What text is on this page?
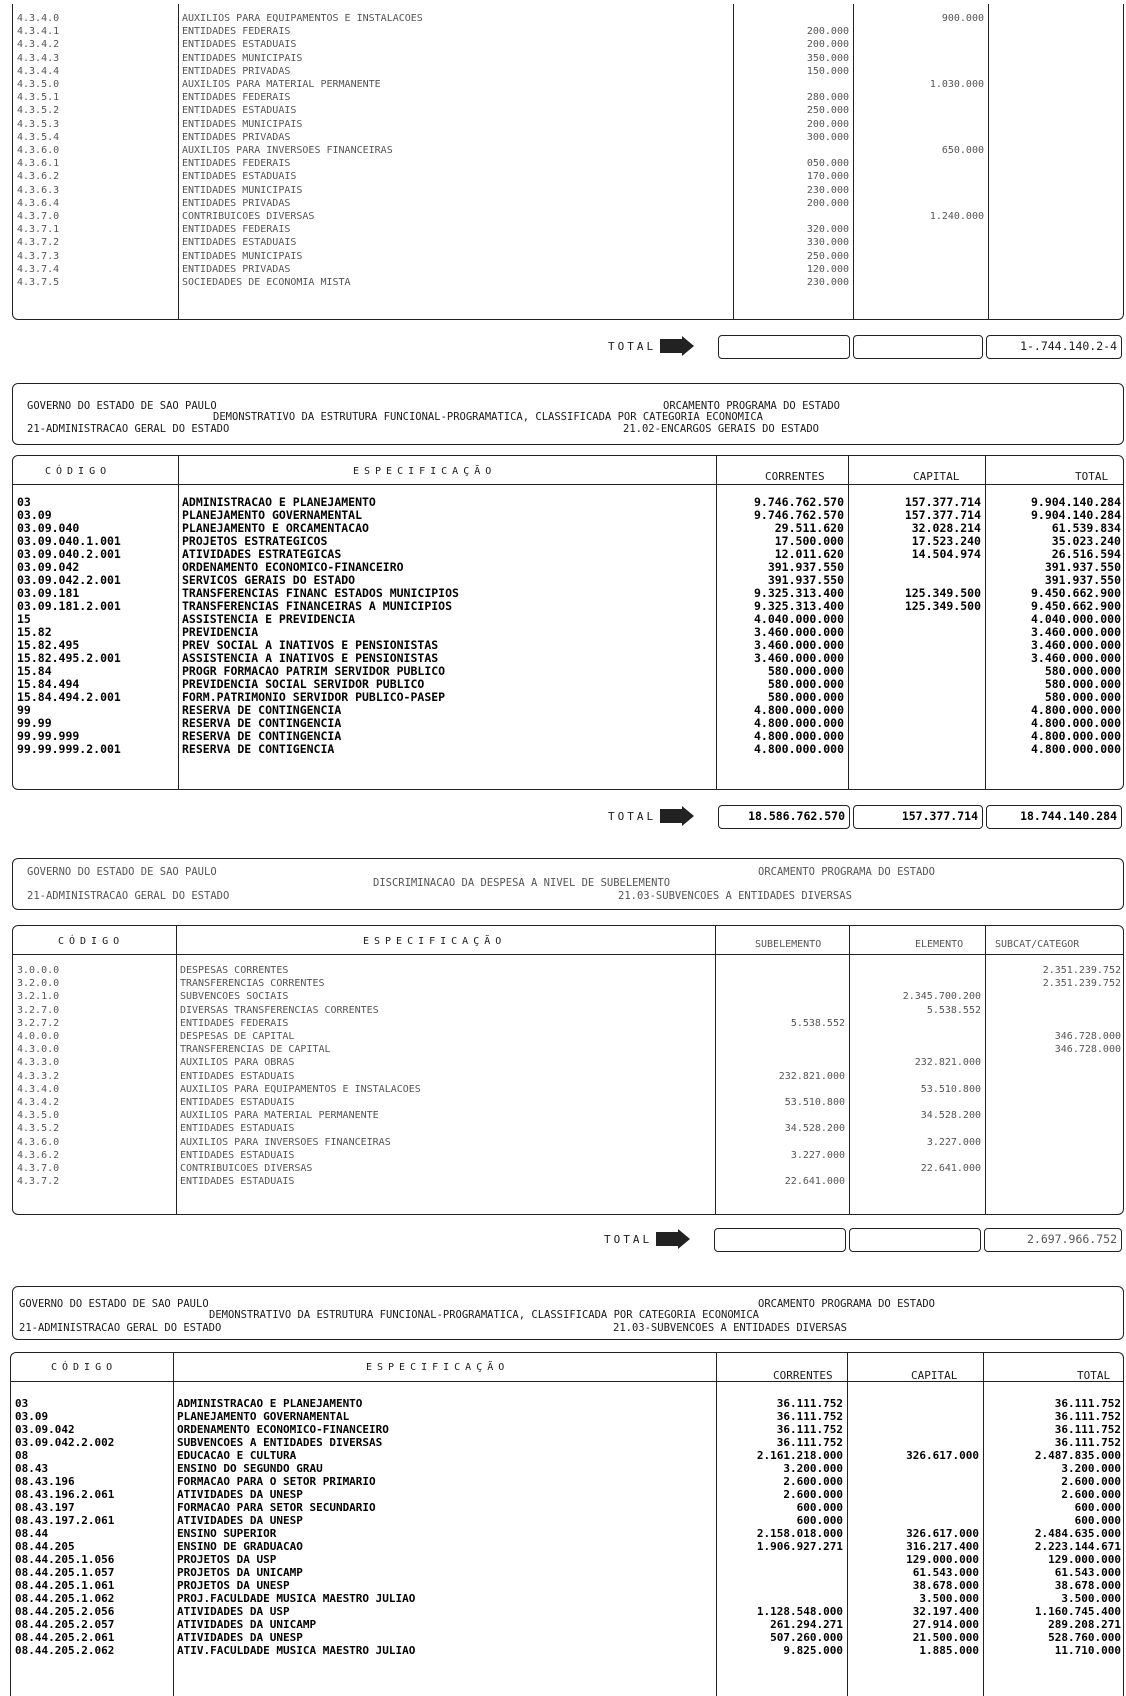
4.3.4.0	AUXILIOS PARA EQUIPAMENTOS E INSTALACOES		900.000	
4.3.4.1	ENTIDADES FEDERAIS	200.000		
4.3.4.2	ENTIDADES ESTADUAIS	200.000		
4.3.4.3	ENTIDADES MUNICIPAIS	350.000		
4.3.4.4	ENTIDADES PRIVADAS	150.000		
4.3.5.0	AUXILIOS PARA MATERIAL PERMANENTE		1.030.000	
4.3.5.1	ENTIDADES FEDERAIS	280.000		
4.3.5.2	ENTIDADES ESTADUAIS	250.000		
4.3.5.3	ENTIDADES MUNICIPAIS	200.000		
4.3.5.4	ENTIDADES PRIVADAS	300.000		
4.3.6.0	AUXILIOS PARA INVERSOES FINANCEIRAS		650.000	
4.3.6.1	ENTIDADES FEDERAIS	050.000		
4.3.6.2	ENTIDADES ESTADUAIS	170.000		
4.3.6.3	ENTIDADES MUNICIPAIS	230.000		
4.3.6.4	ENTIDADES PRIVADAS	200.000		
4.3.7.0	CONTRIBUICOES DIVERSAS		1.240.000	
4.3.7.1	ENTIDADES FEDERAIS	320.000		
4.3.7.2	ENTIDADES ESTADUAIS	330.000		
4.3.7.3	ENTIDADES MUNICIPAIS	250.000		
4.3.7.4	ENTIDADES PRIVADAS	120.000		
4.3.7.5	SOCIEDADES DE ECONOMIA MISTA	230.000		
TOTAL	1-.744.140.2-4
GOVERNO DO ESTADO DE SAO PAULO	ORCAMENTO PROGRAMA DO ESTADO
DEMONSTRATIVO DA ESTRUTURA FUNCIONAL-PROGRAMATICA, CLASSIFICADA POR CATEGORIA ECONOMICA
21-ADMINISTRACAO GERAL DO ESTADO	21.02-ENCARGOS GERAIS DO ESTADO
CÓDIGO	ESPECIFICAÇÃO	CORRENTES	CAPITAL	TOTAL
03	ADMINISTRACAO E PLANEJAMENTO	9.746.762.570	157.377.714	9.904.140.284
03.09	PLANEJAMENTO GOVERNAMENTAL	9.746.762.570	157.377.714	9.904.140.284
03.09.040	PLANEJAMENTO E ORCAMENTACAO	29.511.620	32.028.214	61.539.834
03.09.040.1.001	PROJETOS ESTRATEGICOS	17.500.000	17.523.240	35.023.240
03.09.040.2.001	ATIVIDADES ESTRATEGICAS	12.011.620	14.504.974	26.516.594
03.09.042	ORDENAMENTO ECONOMICO-FINANCEIRO	391.937.550		391.937.550
03.09.042.2.001	SERVICOS GERAIS DO ESTADO	391.937.550		391.937.550
03.09.181	TRANSFERENCIAS FINANC ESTADOS MUNICIPIOS	9.325.313.400	125.349.500	9.450.662.900
03.09.181.2.001	TRANSFERENCIAS FINANCEIRAS A MUNICIPIOS	9.325.313.400	125.349.500	9.450.662.900
15	ASSISTENCIA E PREVIDENCIA	4.040.000.000		4.040.000.000
15.82	PREVIDENCIA	3.460.000.000		3.460.000.000
15.82.495	PREV SOCIAL A INATIVOS E PENSIONISTAS	3.460.000.000		3.460.000.000
15.82.495.2.001	ASSISTENCIA A INATIVOS E PENSIONISTAS	3.460.000.000		3.460.000.000
15.84	PROGR FORMACAO PATRIM SERVIDOR PUBLICO	580.000.000		580.000.000
15.84.494	PREVIDENCIA SOCIAL SERVIDOR PUBLICO	580.000.000		580.000.000
15.84.494.2.001	FORM.PATRIMONIO SERVIDOR PUBLICO-PASEP	580.000.000		580.000.000
99	RESERVA DE CONTINGENCIA	4.800.000.000		4.800.000.000
99.99	RESERVA DE CONTINGENCIA	4.800.000.000		4.800.000.000
99.99.999	RESERVA DE CONTINGENCIA	4.800.000.000		4.800.000.000
99.99.999.2.001	RESERVA DE CONTIGENCIA	4.800.000.000		4.800.000.000
TOTAL	18.586.762.570	157.377.714	18.744.140.284
GOVERNO DO ESTADO DE SAO PAULO	ORCAMENTO PROGRAMA DO ESTADO
DISCRIMINACAO DA DESPESA A NIVEL DE SUBELEMENTO
21-ADMINISTRACAO GERAL DO ESTADO	21.03-SUBVENCOES A ENTIDADES DIVERSAS
CÓDIGO	ESPECIFICAÇÃO	SUBELEMENTO	ELEMENTO	SUBCAT/CATEGOR
3.0.0.0	DESPESAS CORRENTES			2.351.239.752
3.2.0.0	TRANSFERENCIAS CORRENTES			2.351.239.752
3.2.1.0	SUBVENCOES SOCIAIS		2.345.700.200	
3.2.7.0	DIVERSAS TRANSFERENCIAS CORRENTES		5.538.552	
3.2.7.2	ENTIDADES FEDERAIS	5.538.552		
4.0.0.0	DESPESAS DE CAPITAL			346.728.000
4.3.0.0	TRANSFERENCIAS DE CAPITAL			346.728.000
4.3.3.0	AUXILIOS PARA OBRAS		232.821.000	
4.3.3.2	ENTIDADES ESTADUAIS	232.821.000		
4.3.4.0	AUXILIOS PARA EQUIPAMENTOS E INSTALACOES		53.510.800	
4.3.4.2	ENTIDADES ESTADUAIS	53.510.800		
4.3.5.0	AUXILIOS PARA MATERIAL PERMANENTE		34.528.200	
4.3.5.2	ENTIDADES ESTADUAIS	34.528.200		
4.3.6.0	AUXILIOS PARA INVERSOES FINANCEIRAS		3.227.000	
4.3.6.2	ENTIDADES ESTADUAIS	3.227.000		
4.3.7.0	CONTRIBUICOES DIVERSAS		22.641.000	
4.3.7.2	ENTIDADES ESTADUAIS	22.641.000		
TOTAL	2.697.966.752
GOVERNO DO ESTADO DE SAO PAULO	ORCAMENTO PROGRAMA DO ESTADO
DEMONSTRATIVO DA ESTRUTURA FUNCIONAL-PROGRAMATICA, CLASSIFICADA POR CATEGORIA ECONOMICA
21-ADMINISTRACAO GERAL DO ESTADO	21.03-SUBVENCOES A ENTIDADES DIVERSAS
CÓDIGO	ESPECIFICAÇÃO
CORRENTES	CAPITAL	TOTAL
03	ADMINISTRACAO E PLANEJAMENTO	36.111.752		36.111.752
03.09	PLANEJAMENTO GOVERNAMENTAL	36.111.752		36.111.752
03.09.042	ORDENAMENTO ECONOMICO-FINANCEIRO	36.111.752		36.111.752
03.09.042.2.002	SUBVENCOES A ENTIDADES DIVERSAS	36.111.752		36.111.752
08	EDUCACAO E CULTURA	2.161.218.000	326.617.000	2.487.835.000
08.43	ENSINO DO SEGUNDO GRAU	3.200.000		3.200.000
08.43.196	FORMACAO PARA O SETOR PRIMARIO	2.600.000		2.600.000
08.43.196.2.061	ATIVIDADES DA UNESP	2.600.000		2.600.000
08.43.197	FORMACAO PARA SETOR SECUNDARIO	600.000		600.000
08.43.197.2.061	ATIVIDADES DA UNESP	600.000		600.000
08.44	ENSINO SUPERIOR	2.158.018.000	326.617.000	2.484.635.000
08.44.205	ENSINO DE GRADUACAO	1.906.927.271	316.217.400	2.223.144.671
08.44.205.1.056	PROJETOS DA USP		129.000.000	129.000.000
08.44.205.1.057	PROJETOS DA UNICAMP		61.543.000	61.543.000
08.44.205.1.061	PROJETOS DA UNESP		38.678.000	38.678.000
08.44.205.1.062	PROJ.FACULDADE MUSICA MAESTRO JULIAO		3.500.000	3.500.000
08.44.205.2.056	ATIVIDADES DA USP	1.128.548.000	32.197.400	1.160.745.400
08.44.205.2.057	ATIVIDADES DA UNICAMP	261.294.271	27.914.000	289.208.271
08.44.205.2.061	ATIVIDADES DA UNESP	507.260.000	21.500.000	528.760.000
08.44.205.2.062	ATIV.FACULDADE MUSICA MAESTRO JULIAO	9.825.000	1.885.000	11.710.000
